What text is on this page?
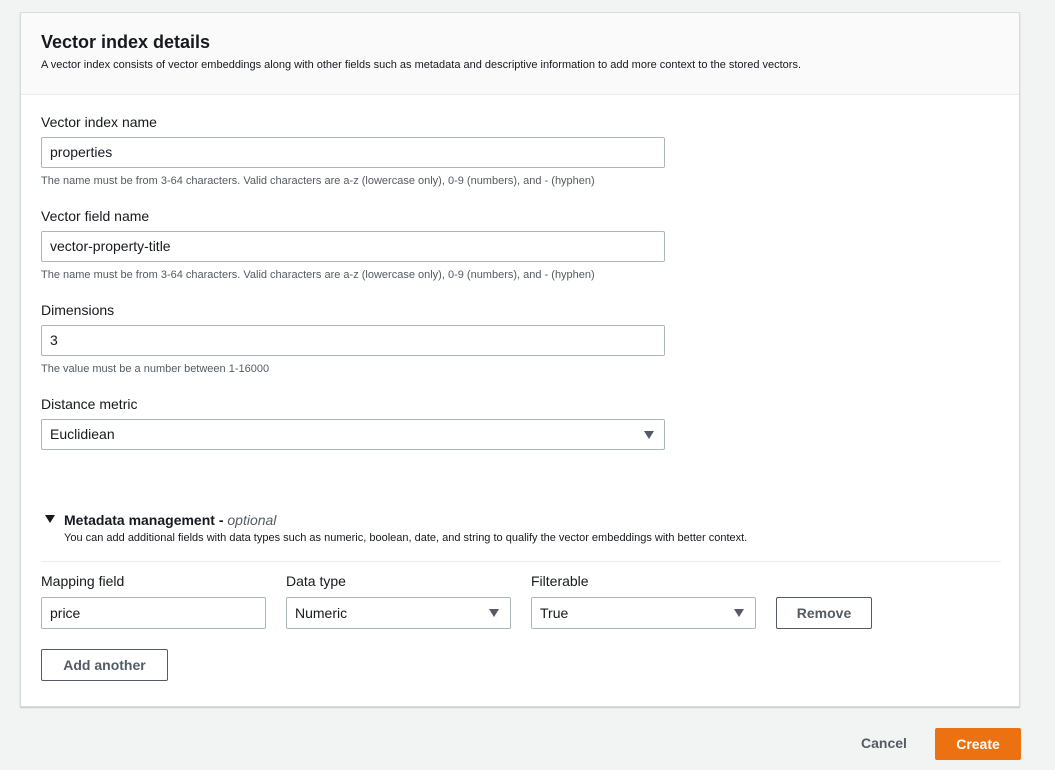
Vector index details
A vector index consists of vector embeddings along with other fields such as metadata and descriptive information to add more context to the stored vectors.
Vector index name
properties
The name must be from 3-64 characters. Valid characters are a-z (lowercase only), 0-9 (numbers), and - (hyphen)
Vector field name
vector-property-title
The name must be from 3-64 characters. Valid characters are a-z (lowercase only), 0-9 (numbers), and - (hyphen)
Dimensions
3
The value must be a number between 1-16000
Distance metric
Euclidiean
Metadata management - optional
You can add additional fields with data types such as numeric, boolean, date, and string to qualify the vector embeddings with better context.
Mapping field	Data type	Filterable
price	Numeric	True	Remove
Add another
Cancel	Create
